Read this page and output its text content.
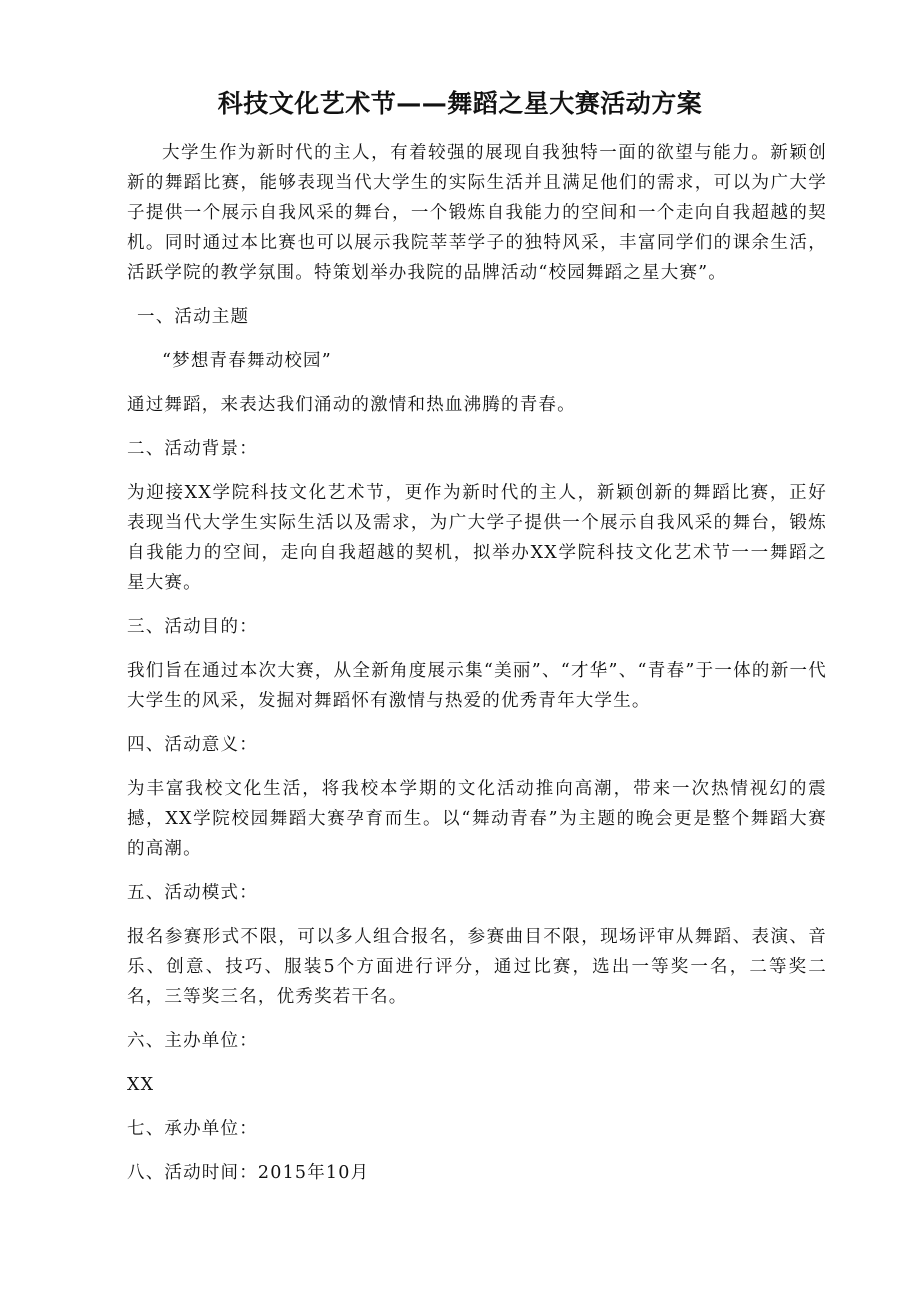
科技文化艺术节——舞蹈之星大赛活动方案

大学生作为新时代的主人，有着较强的展现自我独特一面的欲望与能力。新颖创新的舞蹈比赛，能够表现当代大学生的实际生活并且满足他们的需求，可以为广大学子提供一个展示自我风采的舞台，一个锻炼自我能力的空间和一个走向自我超越的契机。同时通过本比赛也可以展示我院莘莘学子的独特风采，丰富同学们的课余生活，活跃学院的教学氛围。特策划举办我院的品牌活动“校园舞蹈之星大赛”。

一、活动主题

“梦想青春舞动校园”

通过舞蹈，来表达我们涌动的激情和热血沸腾的青春。

二、活动背景：

为迎接XX学院科技文化艺术节，更作为新时代的主人，新颖创新的舞蹈比赛，正好表现当代大学生实际生活以及需求，为广大学子提供一个展示自我风采的舞台，锻炼自我能力的空间，走向自我超越的契机，拟举办XX学院科技文化艺术节一一舞蹈之星大赛。

三、活动目的：

我们旨在通过本次大赛，从全新角度展示集“美丽”、“才华”、“青春”于一体的新一代大学生的风采，发掘对舞蹈怀有激情与热爱的优秀青年大学生。

四、活动意义：

为丰富我校文化生活，将我校本学期的文化活动推向高潮，带来一次热情视幻的震撼，XX学院校园舞蹈大赛孕育而生。以“舞动青春”为主题的晚会更是整个舞蹈大赛的高潮。

五、活动模式：

报名参赛形式不限，可以多人组合报名，参赛曲目不限，现场评审从舞蹈、表演、音乐、创意、技巧、服装5个方面进行评分，通过比赛，选出一等奖一名，二等奖二名，三等奖三名，优秀奖若干名。

六、主办单位：

XX

七、承办单位：

八、活动时间：2015年10月
